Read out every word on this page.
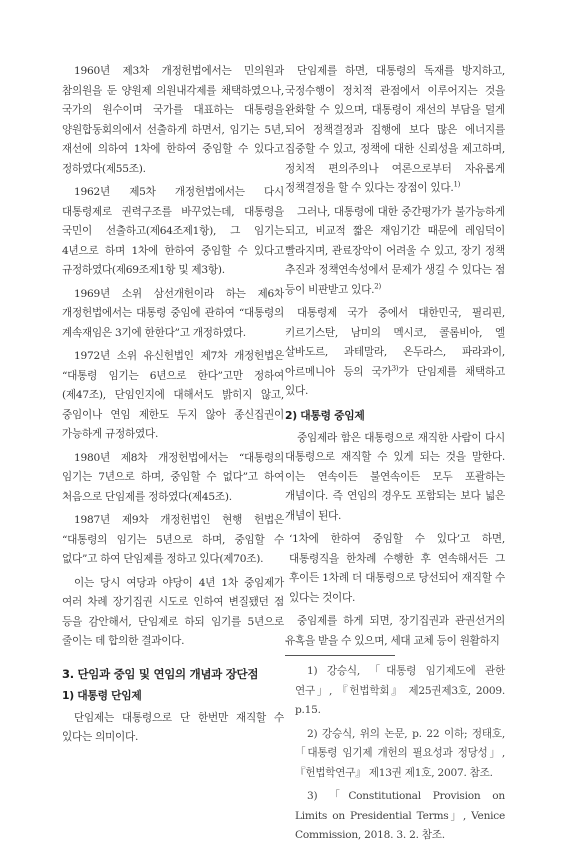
1960년 제3차 개정헌법에서는 민의원과 참의원을 둔 양원제 의원내각제를 채택하였으나, 국가의 원수이며 국가를 대표하는 대통령을 양원합동회의에서 선출하게 하면서, 임기는 5년, 재선에 의하여 1차에 한하여 중임할 수 있다고 정하였다(제55조).

1962년 제5차 개정헌법에서는 다시 대통령제로 권력구조를 바꾸었는데, 대통령을 국민이 선출하고(제64조제1항), 그 임기는 4년으로 하며 1차에 한하여 중임할 수 있다고 규정하였다(제69조제1항 및 제3항).

1969년 소위 삼선개헌이라 하는 제6차 개정헌법에서는 대통령 중임에 관하여 “대통령의 계속재임은 3기에 한한다”고 개정하였다.

1972년 소위 유신헌법인 제7차 개정헌법은 “대통령 임기는 6년으로 한다”고만 정하여(제47조), 단임인지에 대해서도 밝히지 않고, 중임이나 연임 제한도 두지 않아 종신집권이 가능하게 규정하였다.

1980년 제8차 개정헌법에서는 “대통령의 임기는 7년으로 하며, 중임할 수 없다”고 하여 처음으로 단임제를 정하였다(제45조).

1987년 제9차 개정헌법인 현행 헌법은 “대통령의 임기는 5년으로 하며, 중임할 수 없다”고 하여 단임제를 정하고 있다(제70조).

이는 당시 여당과 야당이 4년 1차 중임제가 여러 차례 장기집권 시도로 인하여 변질됐던 점 등을 감안해서, 단임제로 하되 임기를 5년으로 줄이는 데 합의한 결과이다.

3. 단임과 중임 및 연임의 개념과 장단점
1) 대통령 단임제

단임제는 대통령으로 단 한번만 재직할 수 있다는 의미이다.

단임제를 하면, 대통령의 독재를 방지하고, 국정수행이 정치적 관점에서 이루어지는 것을 완화할 수 있으며, 대통령이 재선의 부담을 덜게 되어 정책결정과 집행에 보다 많은 에너지를 집중할 수 있고, 정책에 대한 신뢰성을 제고하며, 정치적 편의주의나 여론으로부터 자유롭게 정책결정을 할 수 있다는 장점이 있다.$^{1)}$

그러나, 대통령에 대한 중간평가가 불가능하게 되고, 비교적 짧은 재임기간 때문에 레임덕이 빨라지며, 관료장악이 어려울 수 있고, 장기 정책 추진과 정책연속성에서 문제가 생길 수 있다는 점 등이 비판받고 있다.$^{2)}$

대통령제 국가 중에서 대한민국, 필리핀, 키르기스탄, 남미의 멕시코, 콜롬비아, 엘 살바도르, 과테말라, 온두라스, 파라과이, 아르메니아 등의 국가$^{3)}$가 단임제를 채택하고 있다.

2) 대통령 중임제

중임제라 함은 대통령으로 재직한 사람이 다시 대통령으로 재직할 수 있게 되는 것을 말한다. 이는 연속이든 불연속이든 모두 포괄하는 개념이다. 즉 연임의 경우도 포함되는 보다 넓은 개념이 된다.

‘1차에 한하여 중임할 수 있다’고 하면, 대통령직을 한차례 수행한 후 연속해서든 그 후이든 1차례 더 대통령으로 당선되어 재직할 수 있다는 것이다.

중임제를 하게 되면, 장기집권과 관권선거의 유혹을 받을 수 있으며, 세대 교체 등이 원활하지

1) 강승식, 「대통령 임기제도에 관한 연구」, 『헌법학회』 제25권제3호, 2009. p.15.

2) 강승식, 위의 논문, p. 22 이하; 정태호, 「대통령 임기제 개헌의 필요성과 정당성」, 『헌법학연구』 제13권 제1호, 2007. 참조.

3) 「Constitutional Provision on Limits on Presidential Terms」, Venice Commission, 2018. 3. 2. 참조.
